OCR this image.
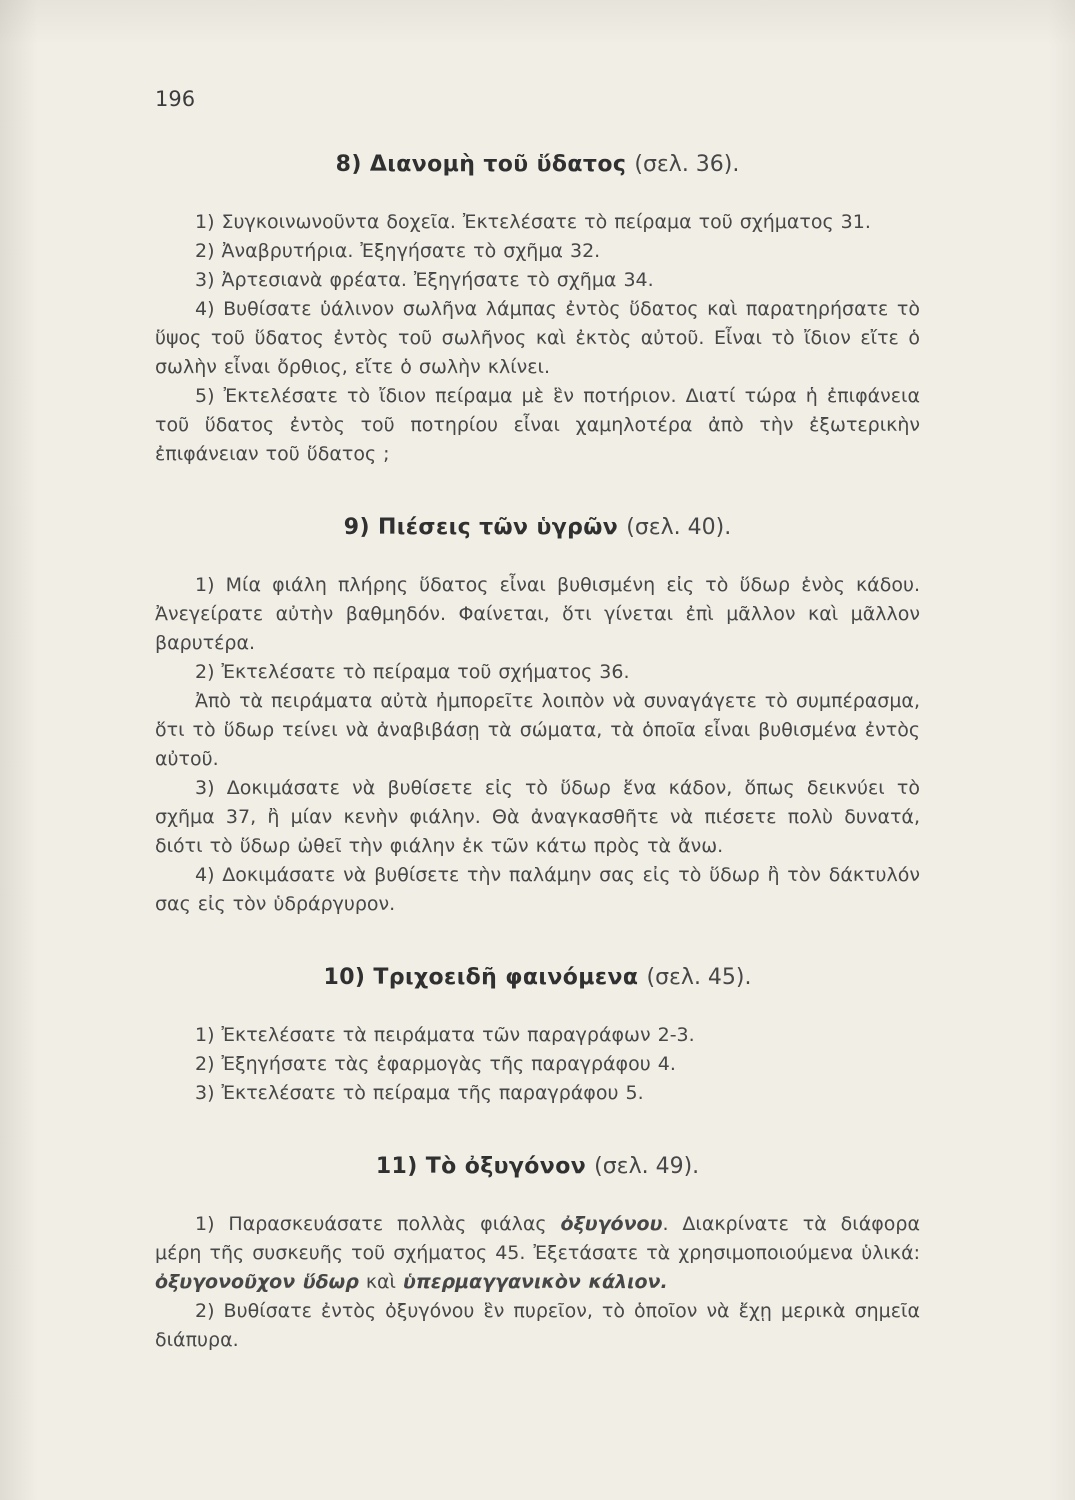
196
8) Διανομὴ τοῦ ὕδατος (σελ. 36).

1) Συγκοινωνοῦντα δοχεῖα. Ἐκτελέσατε τὸ πείραμα τοῦ σχήματος 31.

2) Ἀναβρυτήρια. Ἐξηγήσατε τὸ σχῆμα 32.

3) Ἀρτεσιανὰ φρέατα. Ἐξηγήσατε τὸ σχῆμα 34.

4) Βυθίσατε ὑάλινον σωλῆνα λάμπας ἐντὸς ὕδατος καὶ παρατηρήσατε τὸ ὕψος τοῦ ὕδατος ἐντὸς τοῦ σωλῆνος καὶ ἐκτὸς αὐτοῦ. Εἶναι τὸ ἴδιον εἴτε ὁ σωλὴν εἶναι ὄρθιος, εἴτε ὁ σωλὴν κλίνει.

5) Ἐκτελέσατε τὸ ἴδιον πείραμα μὲ ἓν ποτήριον. Διατί τώρα ἡ ἐπιφάνεια τοῦ ὕδατος ἐντὸς τοῦ ποτηρίου εἶναι χαμηλοτέρα ἀπὸ τὴν ἐξωτερικὴν ἐπιφάνειαν τοῦ ὕδατος ;

9) Πιέσεις τῶν ὑγρῶν (σελ. 40).

1) Μία φιάλη πλήρης ὕδατος εἶναι βυθισμένη εἰς τὸ ὕδωρ ἑνὸς κάδου. Ἀνεγείρατε αὐτὴν βαθμηδόν. Φαίνεται, ὅτι γίνεται ἐπὶ μᾶλλον καὶ μᾶλλον βαρυτέρα.

2) Ἐκτελέσατε τὸ πείραμα τοῦ σχήματος 36.

Ἀπὸ τὰ πειράματα αὐτὰ ἠμπορεῖτε λοιπὸν νὰ συναγάγετε τὸ συμπέρασμα, ὅτι τὸ ὕδωρ τείνει νὰ ἀναβιβάσῃ τὰ σώματα, τὰ ὁποῖα εἶναι βυθισμένα ἐντὸς αὐτοῦ.

3) Δοκιμάσατε νὰ βυθίσετε εἰς τὸ ὕδωρ ἕνα κάδον, ὅπως δεικνύει τὸ σχῆμα 37, ἢ μίαν κενὴν φιάλην. Θὰ ἀναγκασθῆτε νὰ πιέσετε πολὺ δυνατά, διότι τὸ ὕδωρ ὠθεῖ τὴν φιάλην ἐκ τῶν κάτω πρὸς τὰ ἄνω.

4) Δοκιμάσατε νὰ βυθίσετε τὴν παλάμην σας εἰς τὸ ὕδωρ ἢ τὸν δάκτυλόν σας εἰς τὸν ὑδράργυρον.

10) Τριχοειδῆ φαινόμενα (σελ. 45).

1) Ἐκτελέσατε τὰ πειράματα τῶν παραγράφων 2-3.

2) Ἐξηγήσατε τὰς ἐφαρμογὰς τῆς παραγράφου 4.

3) Ἐκτελέσατε τὸ πείραμα τῆς παραγράφου 5.

11) Τὸ ὀξυγόνον (σελ. 49).

1) Παρασκευάσατε πολλὰς φιάλας ὀξυγόνου. Διακρίνατε τὰ διάφορα μέρη τῆς συσκευῆς τοῦ σχήματος 45. Ἐξετάσατε τὰ χρησιμοποιούμενα ὑλικά: ὀξυγονοῦχον ὕδωρ καὶ ὑπερμαγγανικὸν κάλιον.

2) Βυθίσατε ἐντὸς ὀξυγόνου ἓν πυρεῖον, τὸ ὁποῖον νὰ ἔχῃ μερικὰ σημεῖα διάπυρα.
